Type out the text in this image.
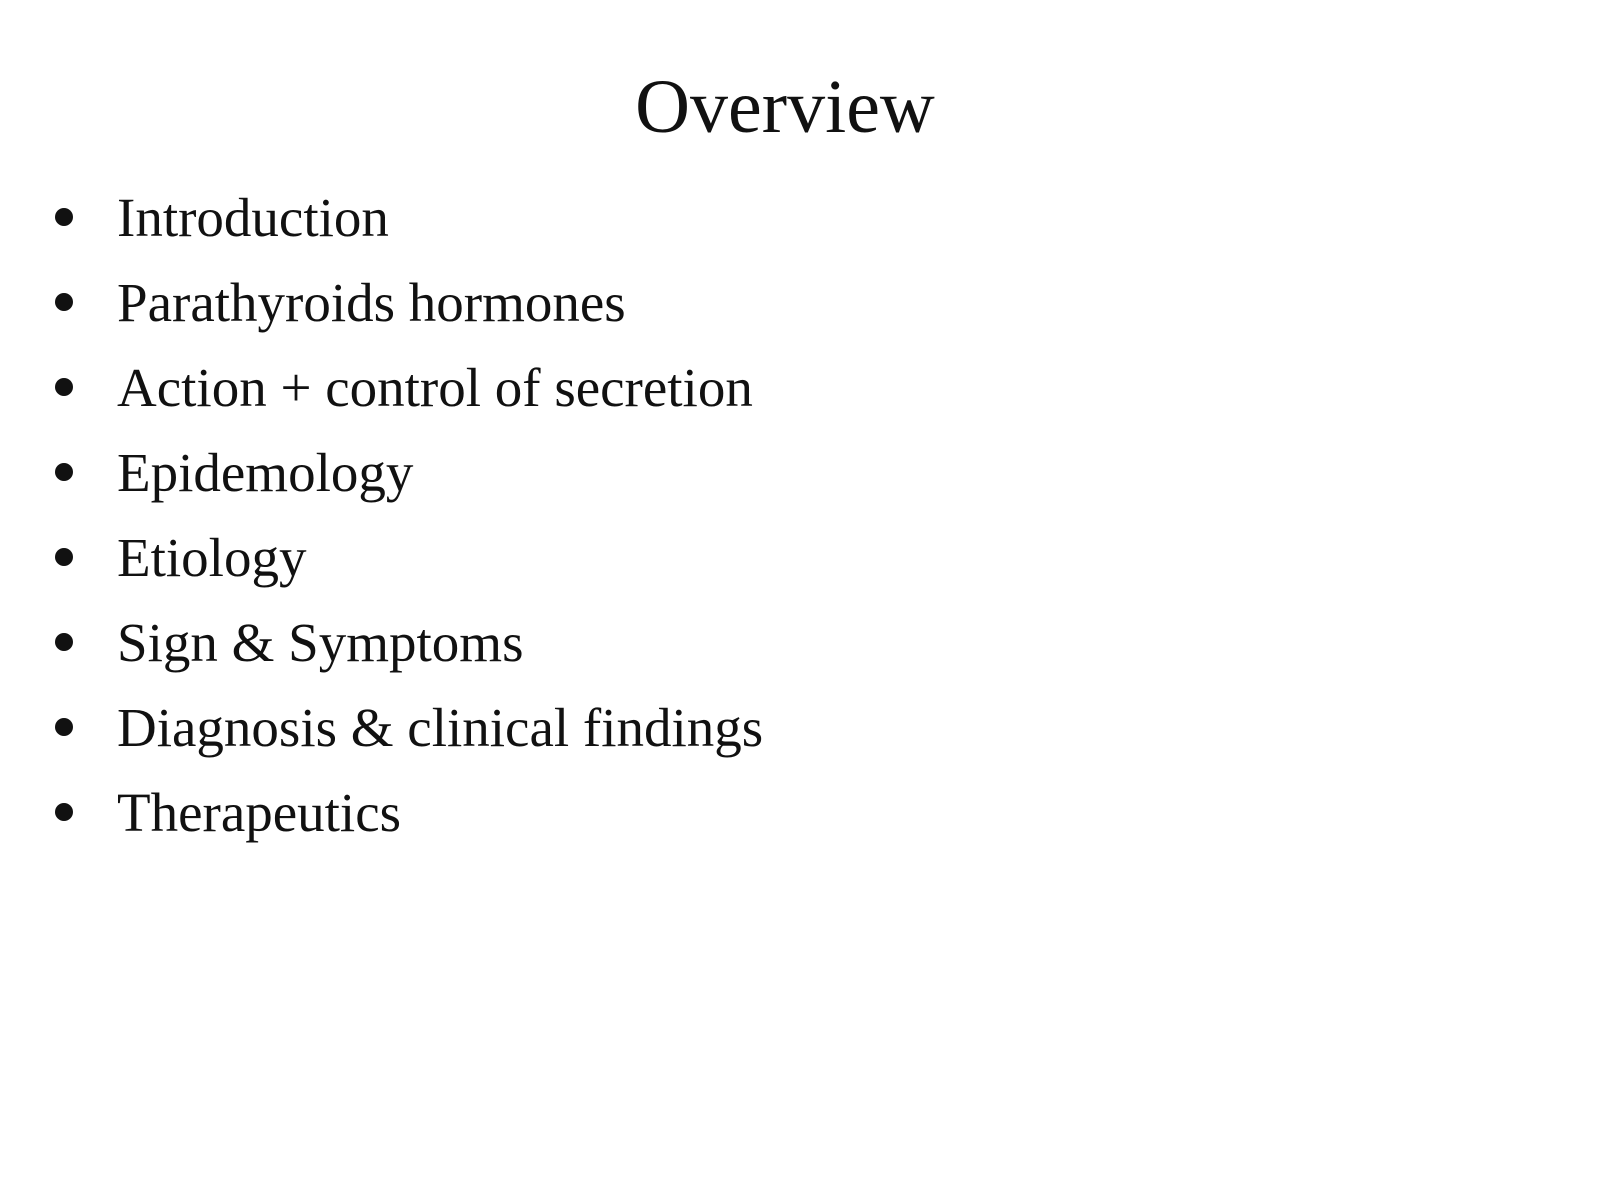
Overview
Introduction
Parathyroids hormones
Action + control of secretion
Epidemology
Etiology
Sign & Symptoms
Diagnosis & clinical findings
Therapeutics
